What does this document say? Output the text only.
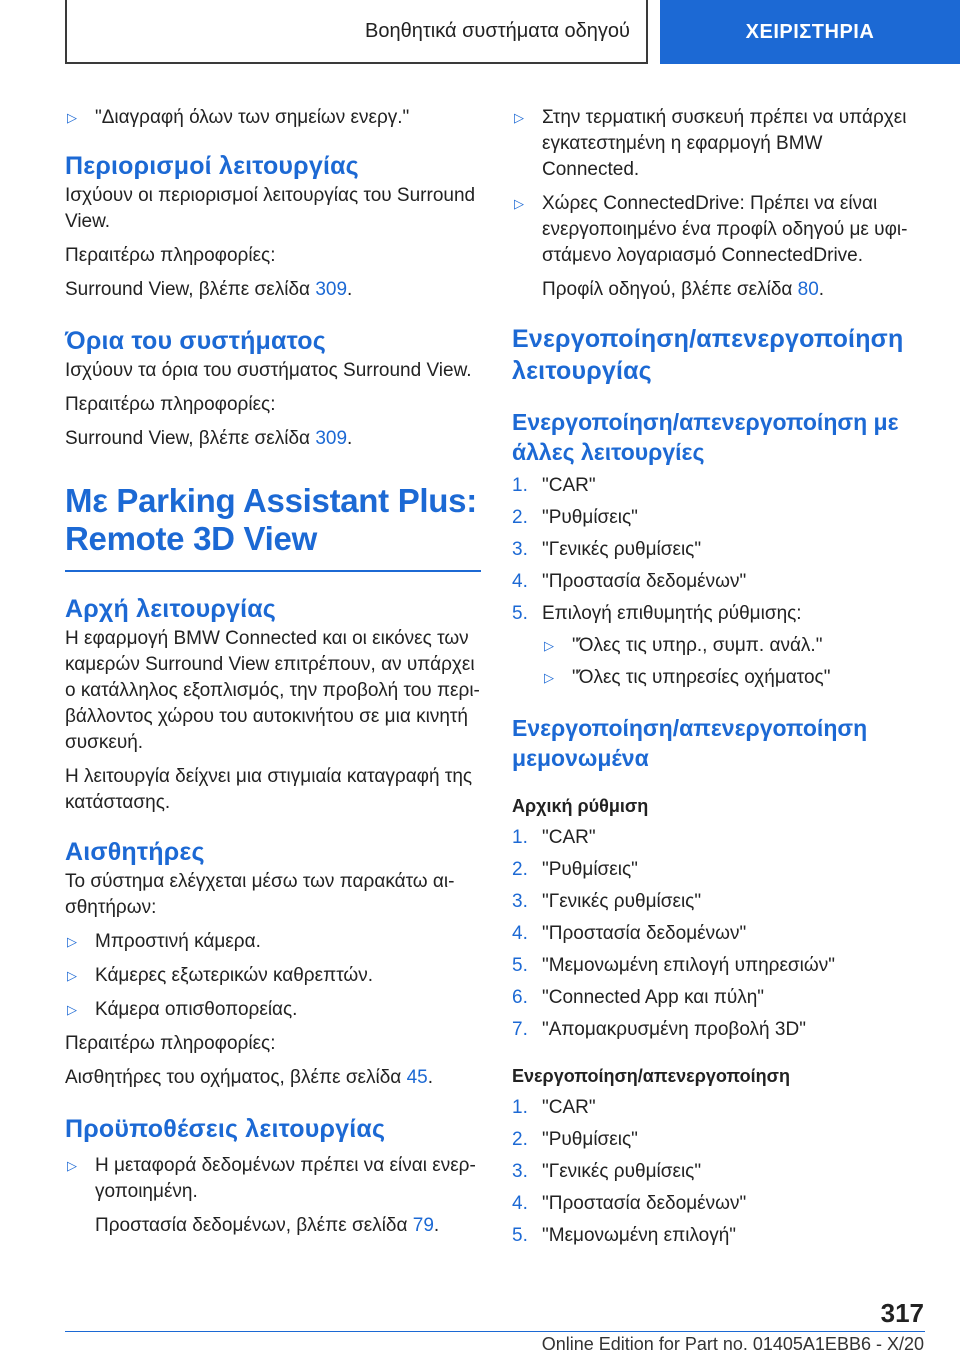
Βοηθητικά συστήματα οδηγού	ΧΕΙΡΙΣΤΗΡΙΑ
▷ "Διαγραφή όλων των σημείων ενεργ."

Περιορισμοί λειτουργίας

Ισχύουν οι περιορισμοί λειτουργίας του Surround View.

Περαιτέρω πληροφορίες:

Surround View, βλέπε σελίδα 309.

Όρια του συστήματος

Ισχύουν τα όρια του συστήματος Surround View.

Περαιτέρω πληροφορίες:

Surround View, βλέπε σελίδα 309.

Με Parking Assistant Plus:

Remote 3D View

Αρχή λειτουργίας

Η εφαρμογή BMW Connected και οι εικόνες των καμερών Surround View επιτρέπουν, αν υπάρχει ο κατάλληλος εξοπλισμός, την προβολή του περιβάλλοντος χώρου του αυτοκινήτου σε μια κινητή συσκευή.

Η λειτουργία δείχνει μια στιγμιαία καταγραφή της κατάστασης.

Αισθητήρες

Το σύστημα ελέγχεται μέσω των παρακάτω αισθητήρων:

▷ Μπροστινή κάμερα.
▷ Κάμερες εξωτερικών καθρεπτών.
▷ Κάμερα οπισθοπορείας.

Περαιτέρω πληροφορίες:

Αισθητήρες του οχήματος, βλέπε σελίδα 45.

Προϋποθέσεις λειτουργίας

▷ Η μεταφορά δεδομένων πρέπει να είναι ενεργοποιημένη.

Προστασία δεδομένων, βλέπε σελίδα 79.

▷ Στην τερματική συσκευή πρέπει να υπάρχει εγκατεστημένη η εφαρμογή BMW Connected.
▷ Χώρες ConnectedDrive: Πρέπει να είναι ενεργοποιημένο ένα προφίλ οδηγού με υφιστάμενο λογαριασμό ConnectedDrive.

Προφίλ οδηγού, βλέπε σελίδα 80.

Ενεργοποίηση/απενεργοποίηση λειτουργίας

Ενεργοποίηση/απενεργοποίηση με άλλες λειτουργίες

1. "CAR"
2. "Ρυθμίσεις"
3. "Γενικές ρυθμίσεις"
4. "Προστασία δεδομένων"
5. Επιλογή επιθυμητής ρύθμισης:
▷ "Όλες τις υπηρ., συμπ. ανάλ."
▷ "Όλες τις υπηρεσίες οχήματος"

Ενεργοποίηση/απενεργοποίηση μεμονωμένα

Αρχική ρύθμιση

1. "CAR"
2. "Ρυθμίσεις"
3. "Γενικές ρυθμίσεις"
4. "Προστασία δεδομένων"
5. "Μεμονωμένη επιλογή υπηρεσιών"
6. "Connected App και πύλη"
7. "Απομακρυσμένη προβολή 3D"

Ενεργοποίηση/απενεργοποίηση

1. "CAR"
2. "Ρυθμίσεις"
3. "Γενικές ρυθμίσεις"
4. "Προστασία δεδομένων"
5. "Μεμονωμένη επιλογή"
317
Online Edition for Part no. 01405A1EBB6 - X/20
